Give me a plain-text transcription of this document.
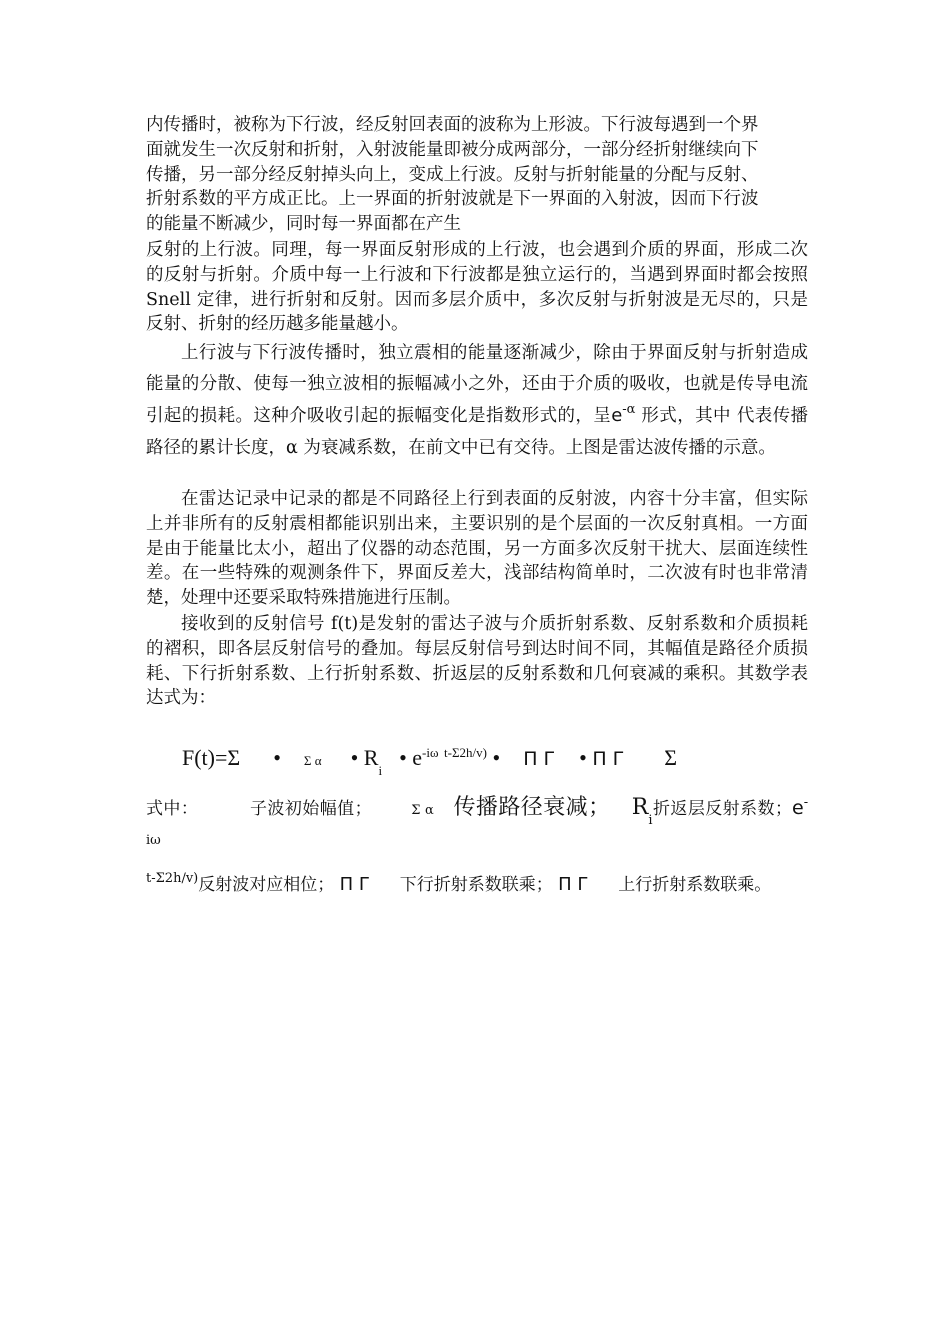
内传播时，被称为下行波，经反射回表面的波称为上形波。下行波每遇到一个界

面就发生一次反射和折射，入射波能量即被分成两部分，一部分经折射继续向下

传播，另一部分经反射掉头向上，变成上行波。反射与折射能量的分配与反射、

折射系数的平方成正比。上一界面的折射波就是下一界面的入射波，因而下行波

的能量不断减少，同时每一界面都在产生

反射的上行波。同理，每一界面反射形成的上行波，也会遇到介质的界面，形成二次的反射与折射。介质中每一上行波和下行波都是独立运行的，当遇到界面时都会按照 Snell 定律，进行折射和反射。因而多层介质中，多次反射与折射波是无尽的，只是反射、折射的经历越多能量越小。

上行波与下行波传播时，独立震相的能量逐渐减少，除由于界面反射与折射造成能量的分散、使每一独立波相的振幅减小之外，还由于介质的吸收，也就是传导电流引起的损耗。这种介吸收引起的振幅变化是指数形式的，呈$e^{-\alpha}$ 形式，其中 代表传播路径的累计长度，α 为衰减系数，在前文中已有交待。上图是雷达波传播的示意。

在雷达记录中记录的都是不同路径上行到表面的反射波，内容十分丰富，但实际上并非所有的反射震相都能识别出来，主要识别的是个层面的一次反射真相。一方面是由于能量比太小，超出了仪器的动态范围，另一方面多次反射干扰大、层面连续性差。在一些特殊的观测条件下，界面反差大，浅部结构简单时，二次波有时也非常清楚，处理中还要采取特殊措施进行压制。

接收到的反射信号 f(t)是发射的雷达子波与介质折射系数、反射系数和介质损耗的褶积，即各层反射信号的叠加。每层反射信号到达时间不同，其幅值是路径介质损耗、下行折射系数、上行折射系数、折返层的反射系数和几何衰减的乘积。其数学表达式为：

F(t)=Σ • Σ α • $R_i$  • $e^{-i\omega}$ $^{t-\Sigma 2h/v)}$ • Π Γ • Π Γ Σ
式中：	子波初始幅值；	Σ α 传播路径衰减； $R_i$折返层反射系数；$e^{-i\omega}$
$^{t-\Sigma 2h/v)}$反射波对应相位； Π Γ 下行折射系数联乘； Π Γ 上行折射系数联乘。
